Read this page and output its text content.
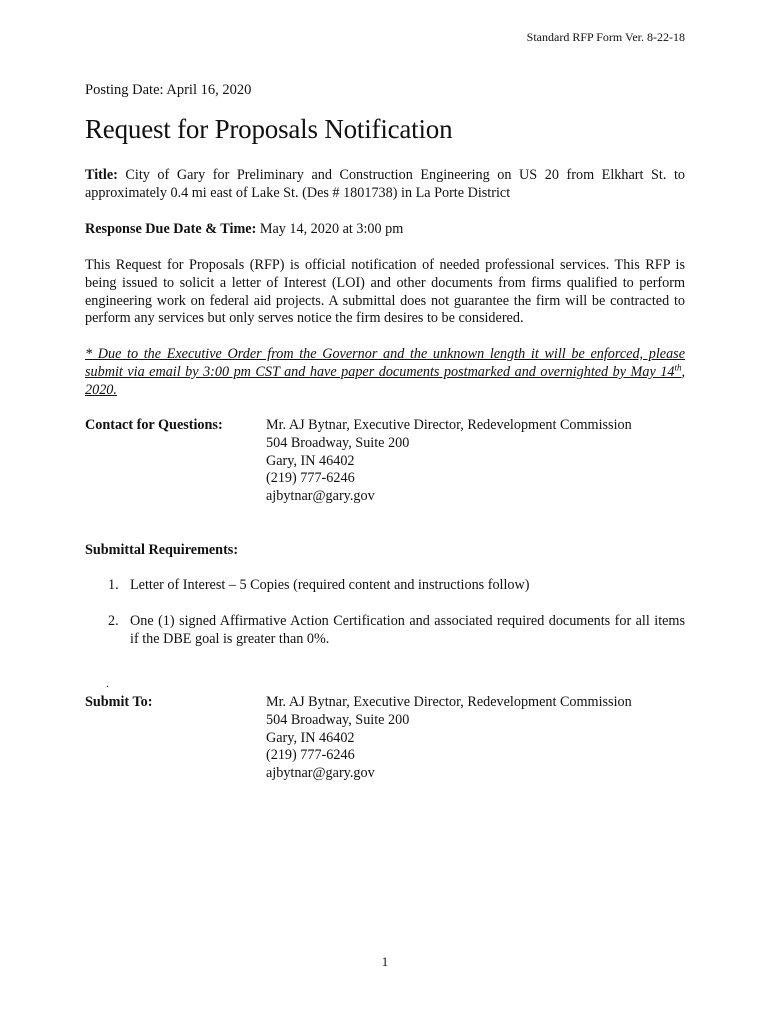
Standard RFP Form Ver. 8-22-18
Posting Date: April 16, 2020
Request for Proposals Notification

Title: City of Gary for Preliminary and Construction Engineering on US 20 from Elkhart St. to approximately 0.4 mi east of Lake St. (Des # 1801738) in La Porte District

Response Due Date & Time: May 14, 2020 at 3:00 pm

This Request for Proposals (RFP) is official notification of needed professional services. This RFP is being issued to solicit a letter of Interest (LOI) and other documents from firms qualified to perform engineering work on federal aid projects. A submittal does not guarantee the firm will be contracted to perform any services but only serves notice the firm desires to be considered.

* Due to the Executive Order from the Governor and the unknown length it will be enforced, please submit via email by 3:00 pm CST and have paper documents postmarked and overnighted by May 14th, 2020.

Contact for Questions:	Mr. AJ Bytnar, Executive Director, Redevelopment Commission
504 Broadway, Suite 200
Gary, IN 46402
(219) 777-6246
ajbytnar@gary.gov
Submittal Requirements:
1. Letter of Interest – 5 Copies (required content and instructions follow)
2. One (1) signed Affirmative Action Certification and associated required documents for all items if the DBE goal is greater than 0%.
.
Submit To:	Mr. AJ Bytnar, Executive Director, Redevelopment Commission
504 Broadway, Suite 200
Gary, IN 46402
(219) 777-6246
ajbytnar@gary.gov
1
